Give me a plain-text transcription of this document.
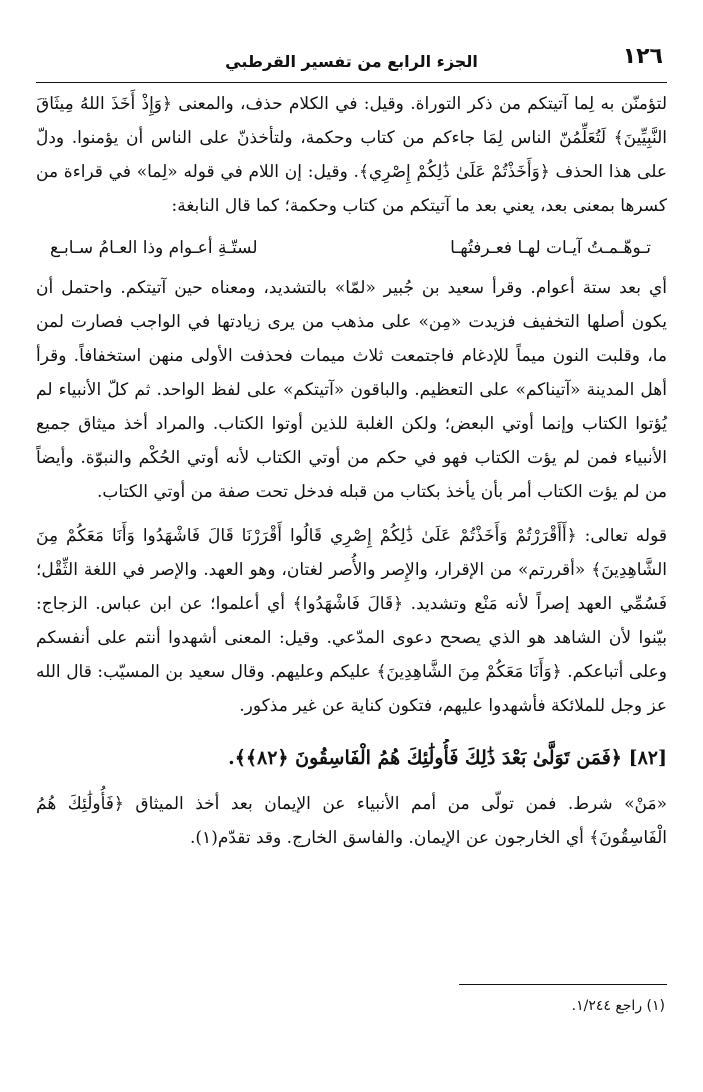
١٢٦
الجزء الرابع من تفسير القرطبي

لتؤمنّن به لِما آتيتكم من ذكر التوراة. وقيل: في الكلام حذف، والمعنى ﴿وَإِذْ أَخَذَ اللهُ مِيثَاقَ النَّبِيِّينَ﴾ لَتُعَلِّمُنّ الناس لِمَا جاءكم من كتاب وحكمة، ولتأخذنّ على الناس أن يؤمنوا. ودلّ على هذا الحذف ﴿وَأَخَذْتُمْ عَلَىٰ ذَٰلِكُمْ إِصْرِي﴾. وقيل: إن اللام في قوله «لِما» في قراءة من كسرها بمعنى بعد، يعني بعد ما آتيتكم من كتاب وحكمة؛ كما قال النابغة:

تـوهّـمـتُ آيـات لهـا فعـرفتُهـا
لستّـةِ أعـوام وذا العـامُ سـابـع

أي بعد ستة أعوام. وقرأ سعيد بن جُبير «لمّا» بالتشديد، ومعناه حين آتيتكم. واحتمل أن يكون أصلها التخفيف فزيدت «مِن» على مذهب من يرى زيادتها في الواجب فصارت لمن ما، وقلبت النون ميماً للإدغام فاجتمعت ثلاث ميمات فحذفت الأولى منهن استخفافاً. وقرأ أهل المدينة «آتيناكم» على التعظيم. والباقون «آتيتكم» على لفظ الواحد. ثم كلّ الأنبياء لم يُؤتوا الكتاب وإنما أوتي البعض؛ ولكن الغلبة للذين أوتوا الكتاب. والمراد أخذ ميثاق جميع الأنبياء فمن لم يؤت الكتاب فهو في حكم من أوتي الكتاب لأنه أوتي الحُكْم والنبوّة. وأيضاً من لم يؤت الكتاب أمر بأن يأخذ بكتاب من قبله فدخل تحت صفة من أوتي الكتاب.

قوله تعالى: ﴿أَأَقْرَرْتُمْ وَأَخَذْتُمْ عَلَىٰ ذَٰلِكُمْ إِصْرِي قَالُوا أَقْرَرْنَا قَالَ فَاشْهَدُوا وَأَنَا مَعَكُمْ مِنَ الشَّاهِدِينَ﴾ «أقررتم» من الإقرار، والإِصر والأُصر لغتان، وهو العهد. والإصر في اللغة الثِّقْل؛ فَسُمِّي العهد إصراً لأنه مَنْع وتشديد. ﴿قَالَ فَاشْهَدُوا﴾ أي أعلموا؛ عن ابن عباس. الزجاج: بيّنوا لأن الشاهد هو الذي يصحح دعوى المدّعي. وقيل: المعنى أشهدوا أنتم على أنفسكم وعلى أتباعكم. ﴿وَأَنَا مَعَكُمْ مِنَ الشَّاهِدِينَ﴾ عليكم وعليهم. وقال سعيد بن المسيّب: قال الله عز وجل للملائكة فأشهدوا عليهم، فتكون كناية عن غير مذكور.

[٨٢] ﴿فَمَن تَوَلَّىٰ بَعْدَ ذَٰلِكَ فَأُولَٰئِكَ هُمُ الْفَاسِقُونَ ﴿٨٢﴾﴾.

«مَنْ» شرط. فمن تولّى من أمم الأنبياء عن الإيمان بعد أخذ الميثاق ﴿فَأُولَٰئِكَ هُمُ الْفَاسِقُونَ﴾ أي الخارجون عن الإيمان. والفاسق الخارج. وقد تقدّم(١).

(١) راجع ١/٢٤٤.
